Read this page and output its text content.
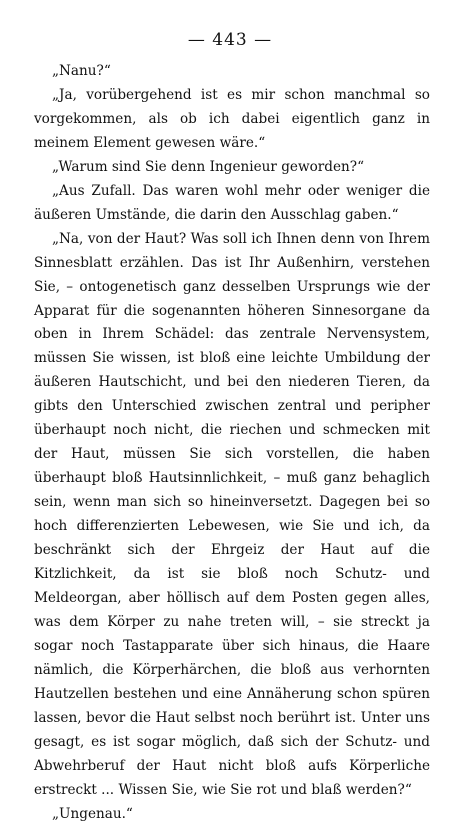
— 443 —

„Nanu?“

„Ja, vorübergehend ist es mir schon manchmal so vorgekommen, als ob ich dabei eigentlich ganz in meinem Element gewesen wäre.“

„Warum sind Sie denn Ingenieur geworden?“

„Aus Zufall. Das waren wohl mehr oder weniger die äußeren Umstände, die darin den Ausschlag gaben.“

„Na, von der Haut? Was soll ich Ihnen denn von Ihrem Sinnesblatt erzählen. Das ist Ihr Außenhirn, verstehen Sie, – ontogenetisch ganz desselben Ursprungs wie der Apparat für die sogenannten höheren Sinnesorgane da oben in Ihrem Schädel: das zentrale Nervensystem, müssen Sie wissen, ist bloß eine leichte Umbildung der äußeren Hautschicht, und bei den niederen Tieren, da gibts den Unterschied zwischen zentral und peripher überhaupt noch nicht, die riechen und schmecken mit der Haut, müssen Sie sich vorstellen, die haben überhaupt bloß Hautsinnlichkeit, – muß ganz behaglich sein, wenn man sich so hineinversetzt. Dagegen bei so hoch differenzierten Lebewesen, wie Sie und ich, da beschränkt sich der Ehrgeiz der Haut auf die Kitzlichkeit, da ist sie bloß noch Schutz- und Meldeorgan, aber höllisch auf dem Posten gegen alles, was dem Körper zu nahe treten will, – sie streckt ja sogar noch Tastapparate über sich hinaus, die Haare nämlich, die Körperhärchen, die bloß aus verhornten Hautzellen bestehen und eine Annäherung schon spüren lassen, bevor die Haut selbst noch berührt ist. Unter uns gesagt, es ist sogar möglich, daß sich der Schutz- und Abwehrberuf der Haut nicht bloß aufs Körperliche erstreckt ... Wissen Sie, wie Sie rot und blaß werden?“

„Ungenau.“
